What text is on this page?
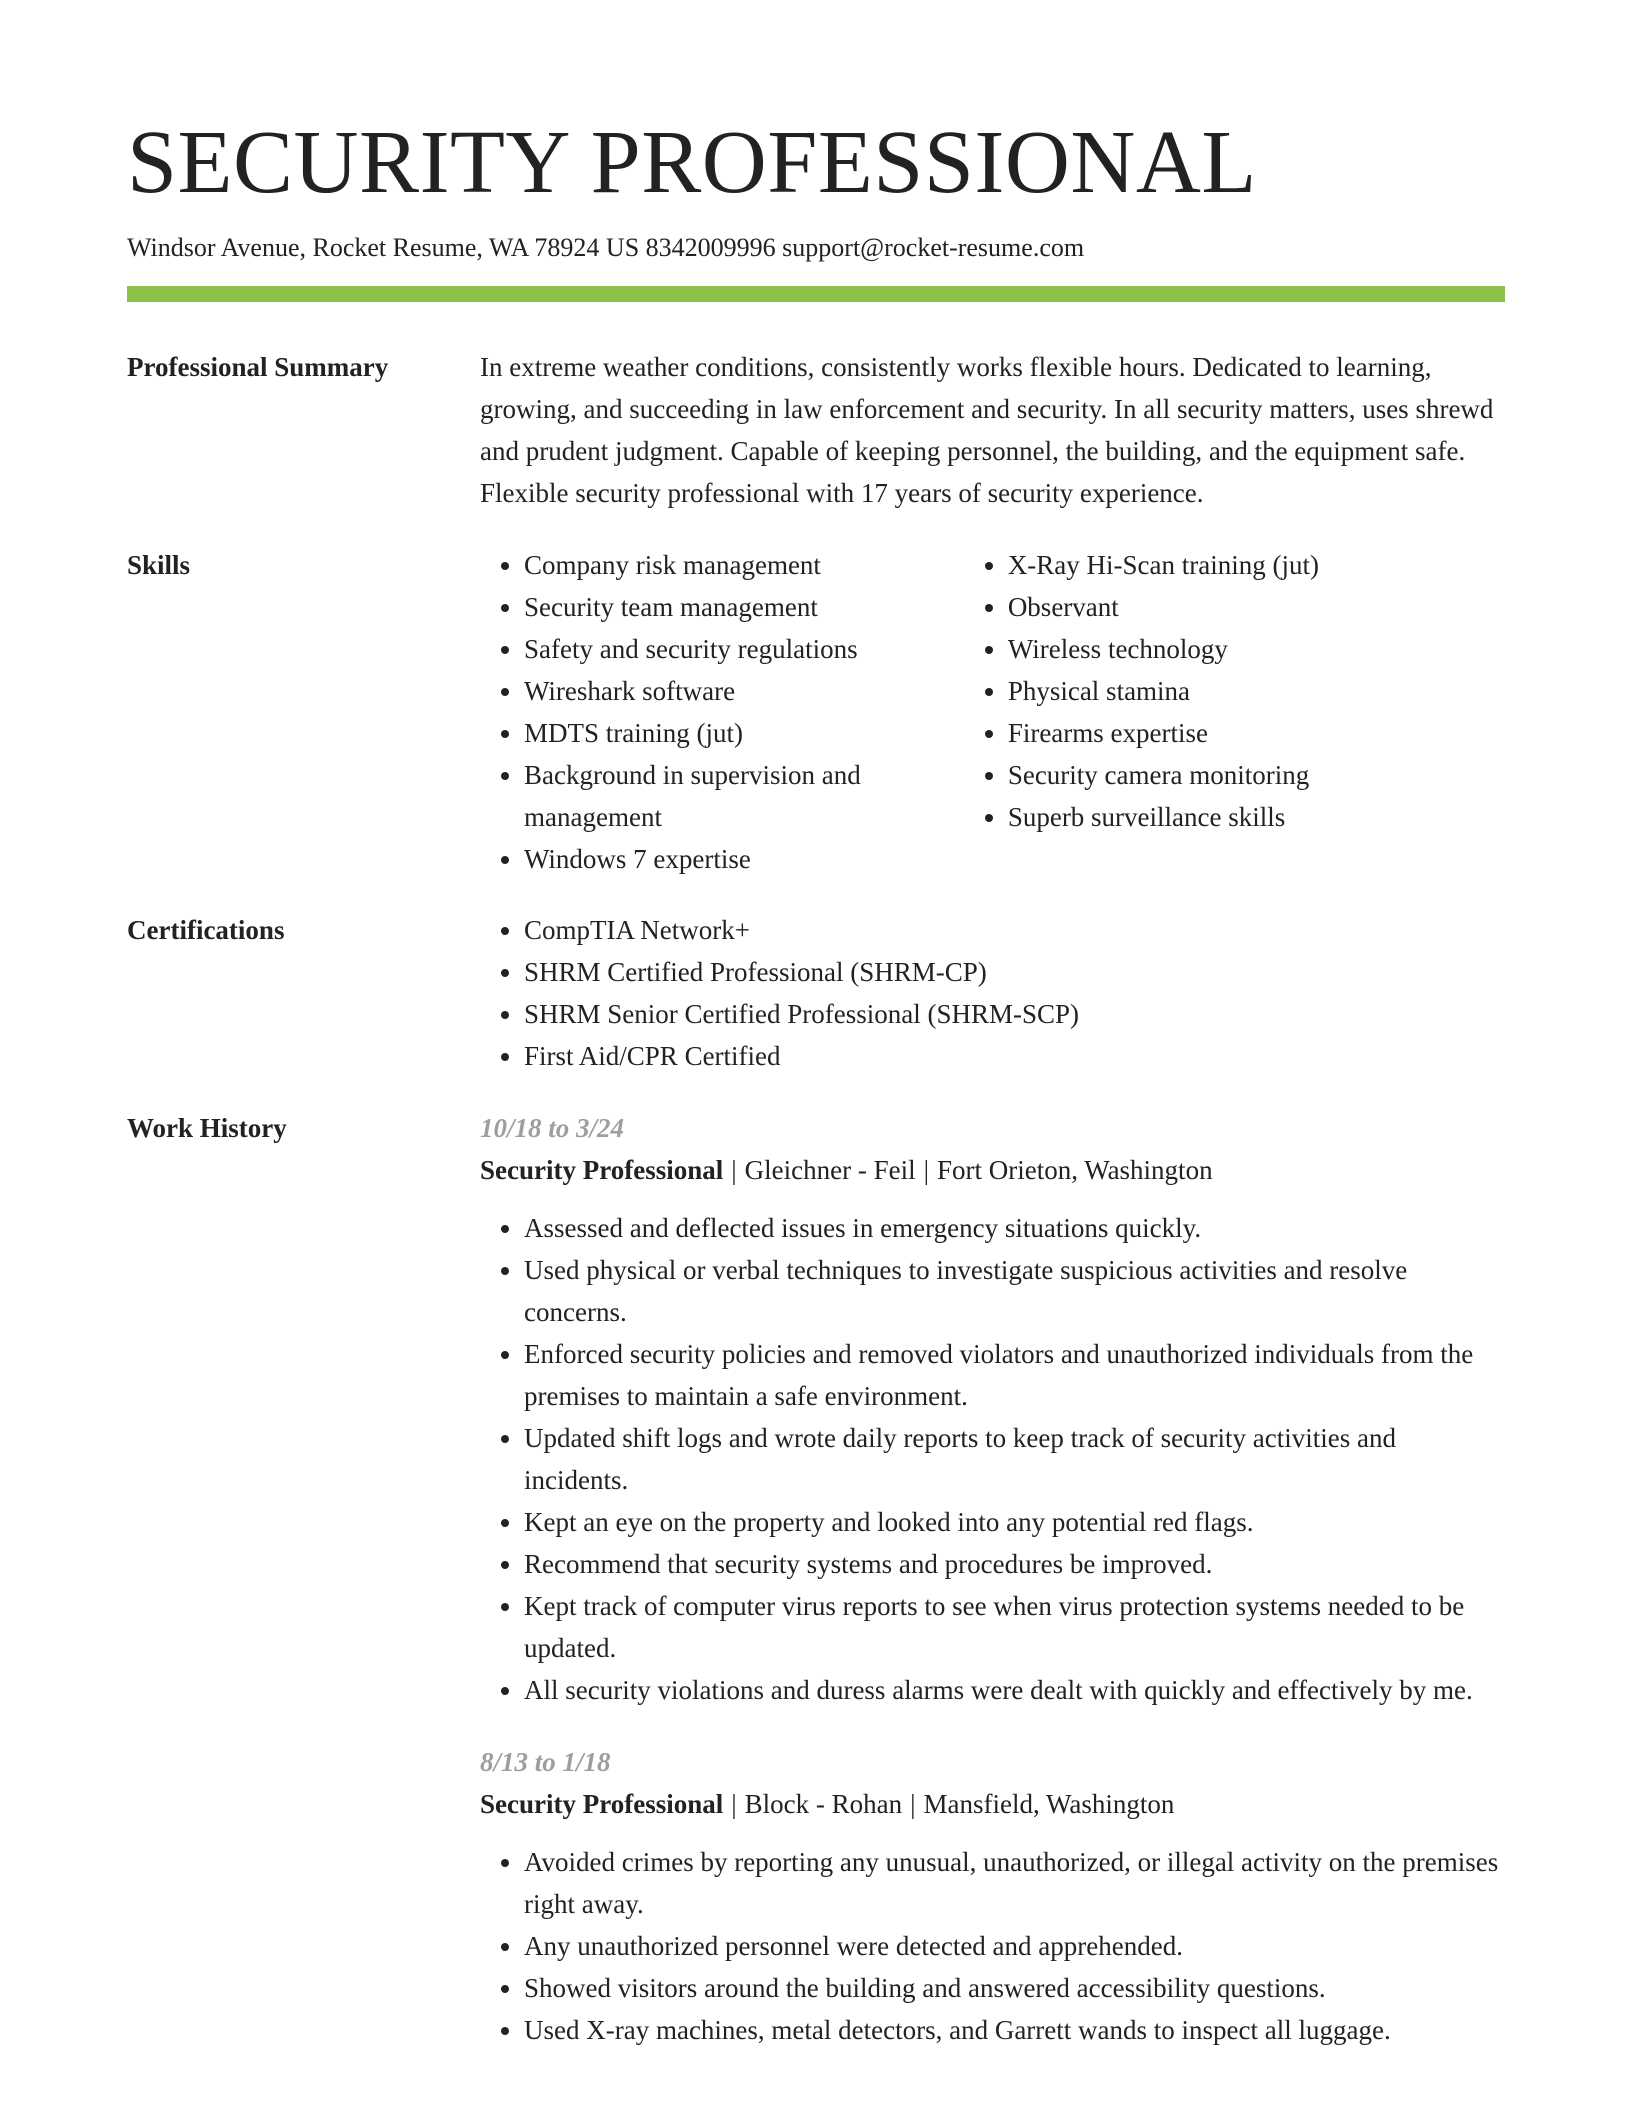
SECURITY PROFESSIONAL
Windsor Avenue, Rocket Resume, WA 78924 US 8342009996 support@rocket-resume.com
Professional Summary	In extreme weather conditions, consistently works flexible hours. Dedicated to learning, growing, and succeeding in law enforcement and security. In all security matters, uses shrewd and prudent judgment. Capable of keeping personnel, the building, and the equipment safe. Flexible security professional with 17 years of security experience.

Skills	• Company risk management
• Security team management
• Safety and security regulations
• Wireshark software
• MDTS training (jut)
• Background in supervision and management
• Windows 7 expertise
• X-Ray Hi-Scan training (jut)
• Observant
• Wireless technology
• Physical stamina
• Firearms expertise
• Security camera monitoring
• Superb surveillance skills
Certifications	• CompTIA Network+
• SHRM Certified Professional (SHRM-CP)
• SHRM Senior Certified Professional (SHRM-SCP)
• First Aid/CPR Certified
Work History	10/18 to 3/24
Security Professional | Gleichner - Feil | Fort Orieton, Washington
• Assessed and deflected issues in emergency situations quickly.
• Used physical or verbal techniques to investigate suspicious activities and resolve concerns.
• Enforced security policies and removed violators and unauthorized individuals from the premises to maintain a safe environment.
• Updated shift logs and wrote daily reports to keep track of security activities and incidents.
• Kept an eye on the property and looked into any potential red flags.
• Recommend that security systems and procedures be improved.
• Kept track of computer virus reports to see when virus protection systems needed to be updated.
• All security violations and duress alarms were dealt with quickly and effectively by me.
8/13 to 1/18
Security Professional | Block - Rohan | Mansfield, Washington
• Avoided crimes by reporting any unusual, unauthorized, or illegal activity on the premises right away.
• Any unauthorized personnel were detected and apprehended.
• Showed visitors around the building and answered accessibility questions.
• Used X-ray machines, metal detectors, and Garrett wands to inspect all luggage.
